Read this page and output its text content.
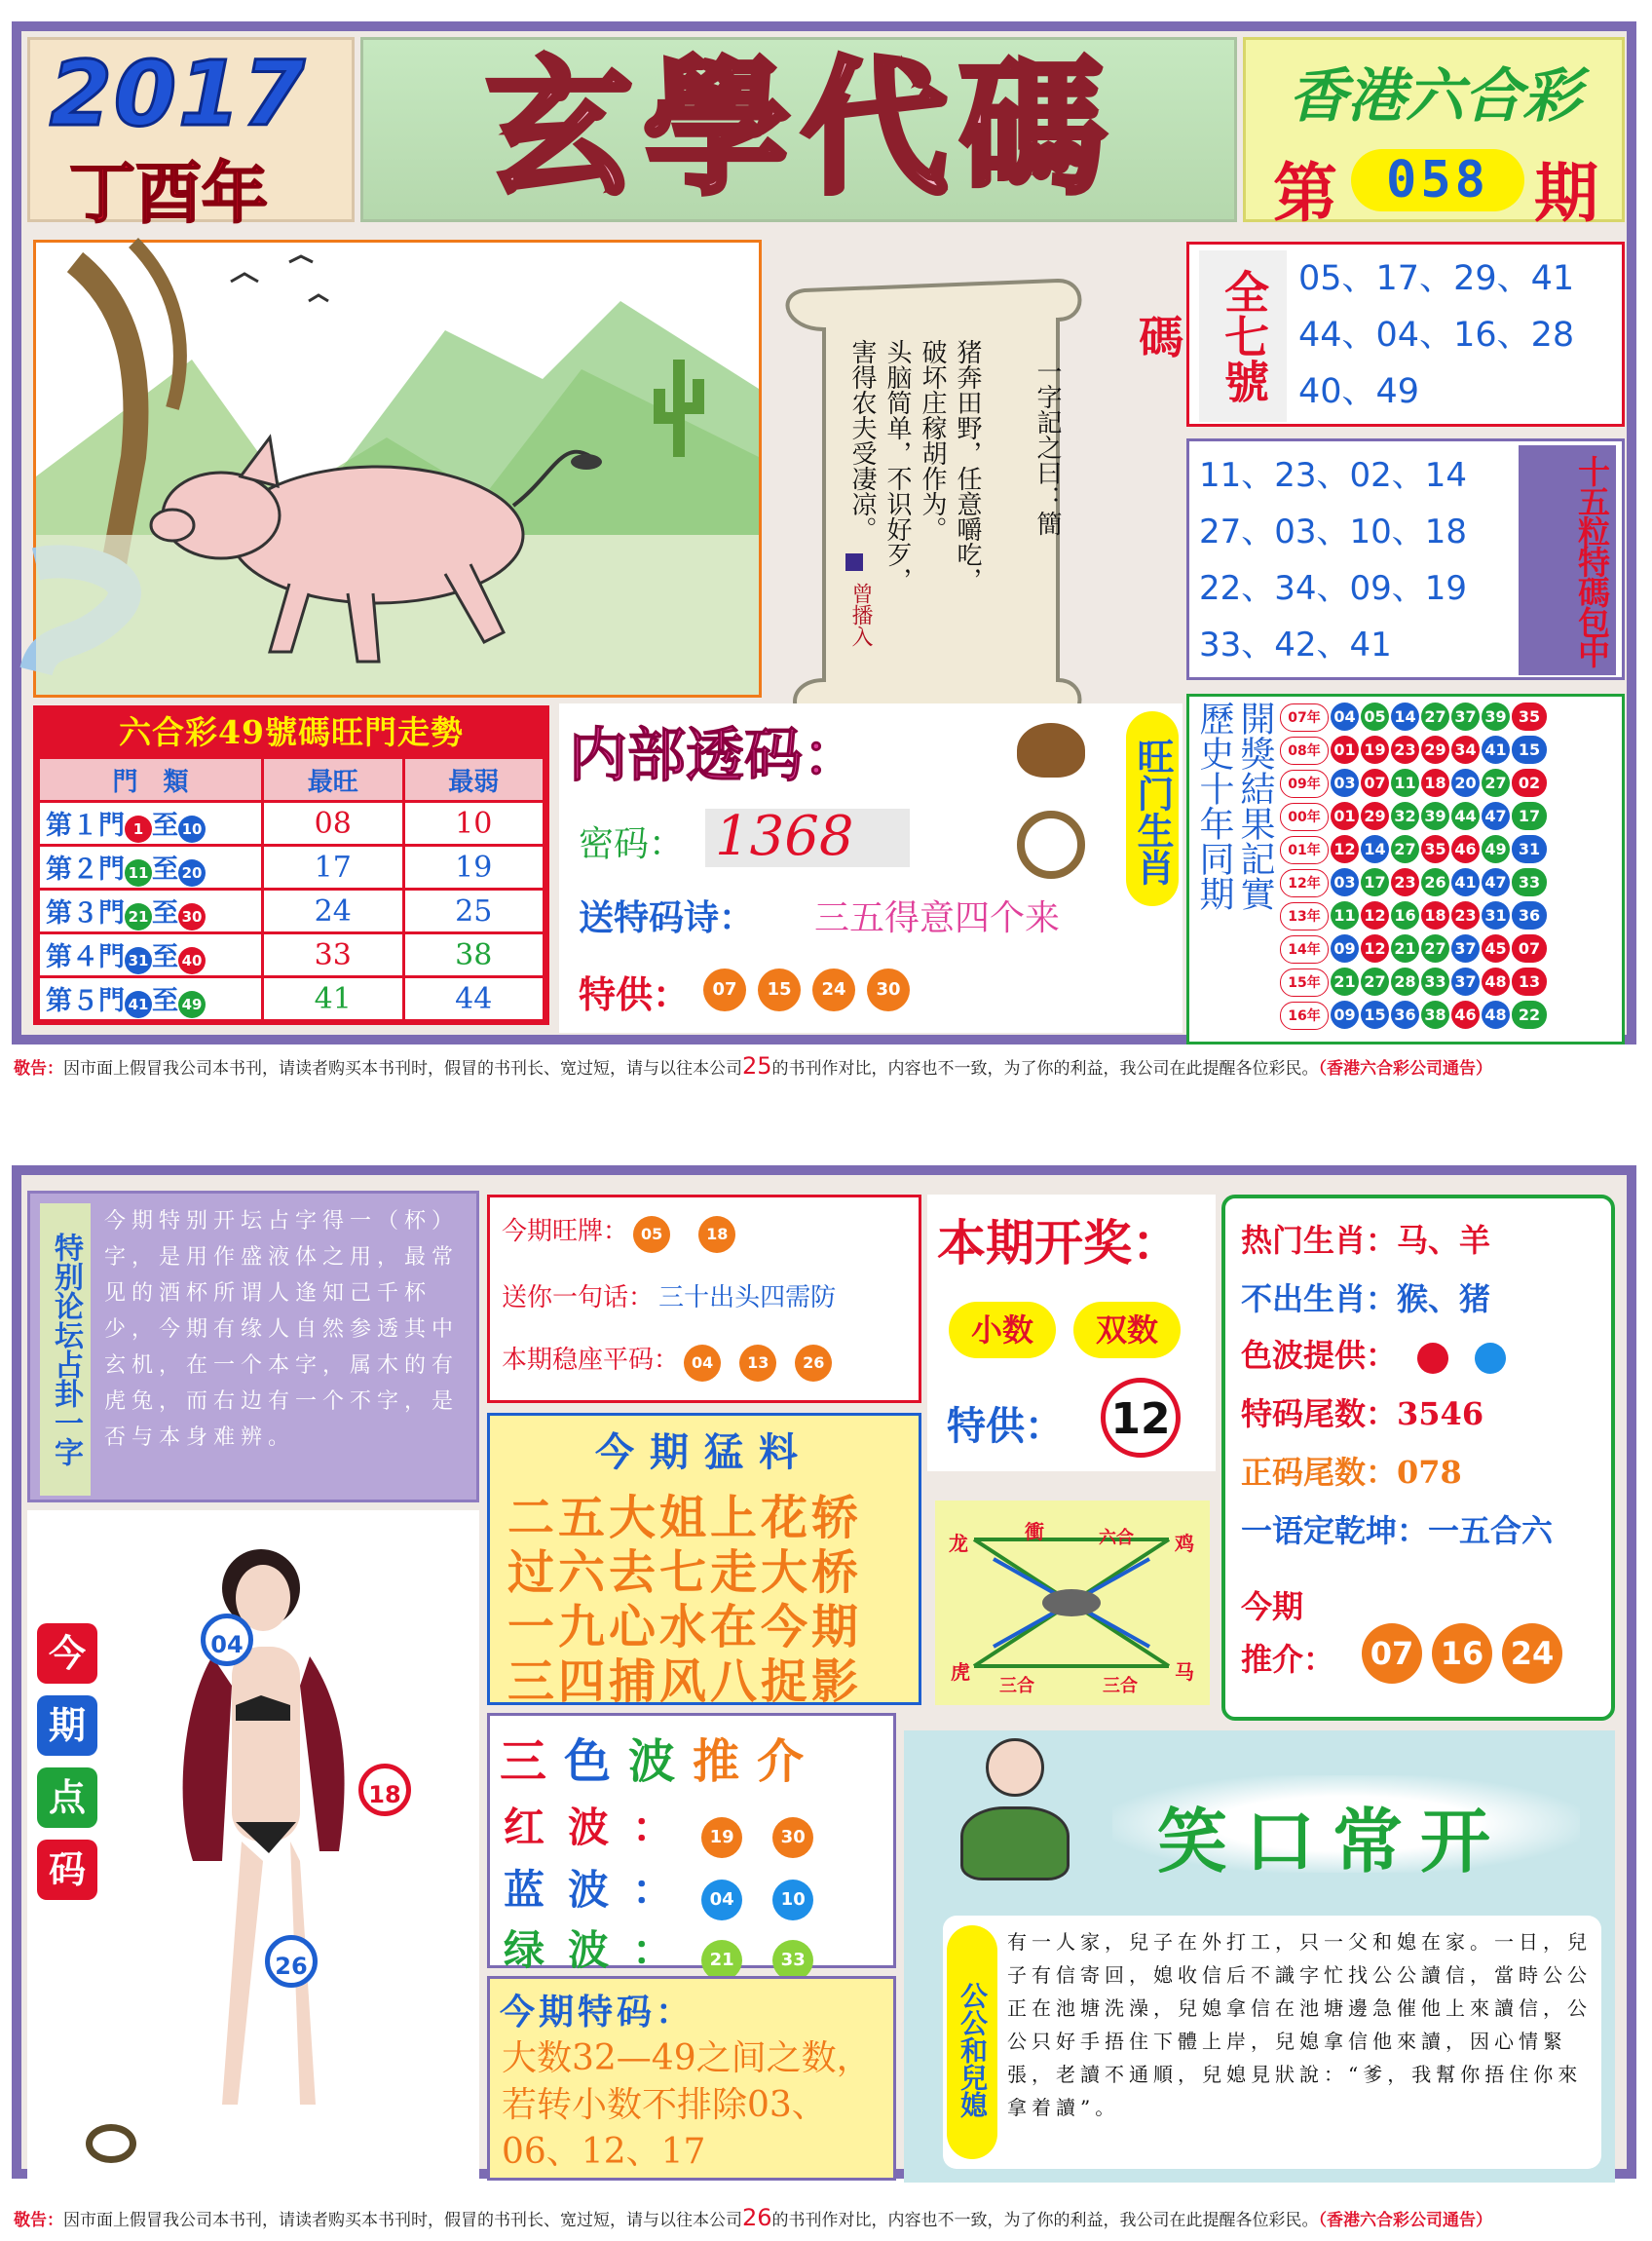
2017
丁酉年	玄學代碼	香港六合彩
第 058 期
一字記之曰：簡
猪奔田野，任意嚼吃，
破坏庄稼胡作为。
头脑简单，不识好歹，
害得农夫受凄凉。
曾播入
全七號碼
05、17、29、41
44、04、16、28
40、49
11、23、02、14
27、03、10、18
22、34、09、19
33、42、41	十五粒特碼包中
六合彩49號碼旺門走勢
門　類	最旺	最弱
第１門 1 至 10	08	10
第２門 11 至 20	17	19
第３門 21 至 30	24	25
第４門 31 至 40	33	38
第５門 41 至 49	41	44
内部透码：
密码： 1368
送特码诗： 三五得意四个来
特供：	07	15	24	30
旺门生肖 歷史十年同期 開獎結果記實 07年 04 05 14 27 37 39 35
08年 01 19 23 29 34 41 15
09年 03 07 11 18 20 27 02
00年 01 29 32 39 44 47 17
01年 12 14 27 35 46 49 31
12年 03 17 23 26 41 47 33
13年 11 12 16 18 23 31 36
14年 09 12 21 27 37 45 07
15年 21 27 28 33 37 48 13
16年 09 15 36 38 46 48 22
敬告：因市面上假冒我公司本书刊，请读者购买本书刊时，假冒的书刊长、宽过短，请与以往本公司25的书刊作对比，内容也不一致，为了你的利益，我公司在此提醒各位彩民。（香港六合彩公司通告）
特别论坛占卦一字
今期特别开坛占字得一（杯）字，是用作盛液体之用，最常见的酒杯所谓人逢知己千杯少，今期有缘人自然参透其中玄机，在一个本字，属木的有虎兔，而右边有一个不字，是否与本身难辨。
今
期
点
码
04
18
26
今期旺牌： 05	18
送你一句话： 三十出头四需防
本期稳座平码： 04 13 26
本期开奖：
小数	双数
特供： 12
热门生肖：马、羊
不出生肖：猴、猪
色波提供：
特码尾数：3546
正码尾数：078
一语定乾坤：一五合六
今期
推介： 07 16 24
今期猛料
二五大姐上花轿
过六去七走大桥
一九心水在今期
三四捕风八捉影
龙	衝	六合 鸡
虎
三合	三合
马
三色波推介
红波： 19	30
蓝波： 04	10
绿波： 21	33
今期特码：
大数32—49之间之数，若转小数不排除03、06、12、17
笑口常开
公公和兒媳
有一人家，兒子在外打工，只一父和媳在家。一日，兒子有信寄回，媳收信后不識字忙找公公讀信，當時公公正在池塘洗澡，兒媳拿信在池塘邊急催他上來讀信，公公只好手捂住下體上岸，兒媳拿信他來讀，因心情緊張，老讀不通順，兒媳見狀說：“爹，我幫你捂住你來拿着讀”。
敬告：因市面上假冒我公司本书刊，请读者购买本书刊时，假冒的书刊长、宽过短，请与以往本公司26的书刊作对比，内容也不一致，为了你的利益，我公司在此提醒各位彩民。（香港六合彩公司通告）
